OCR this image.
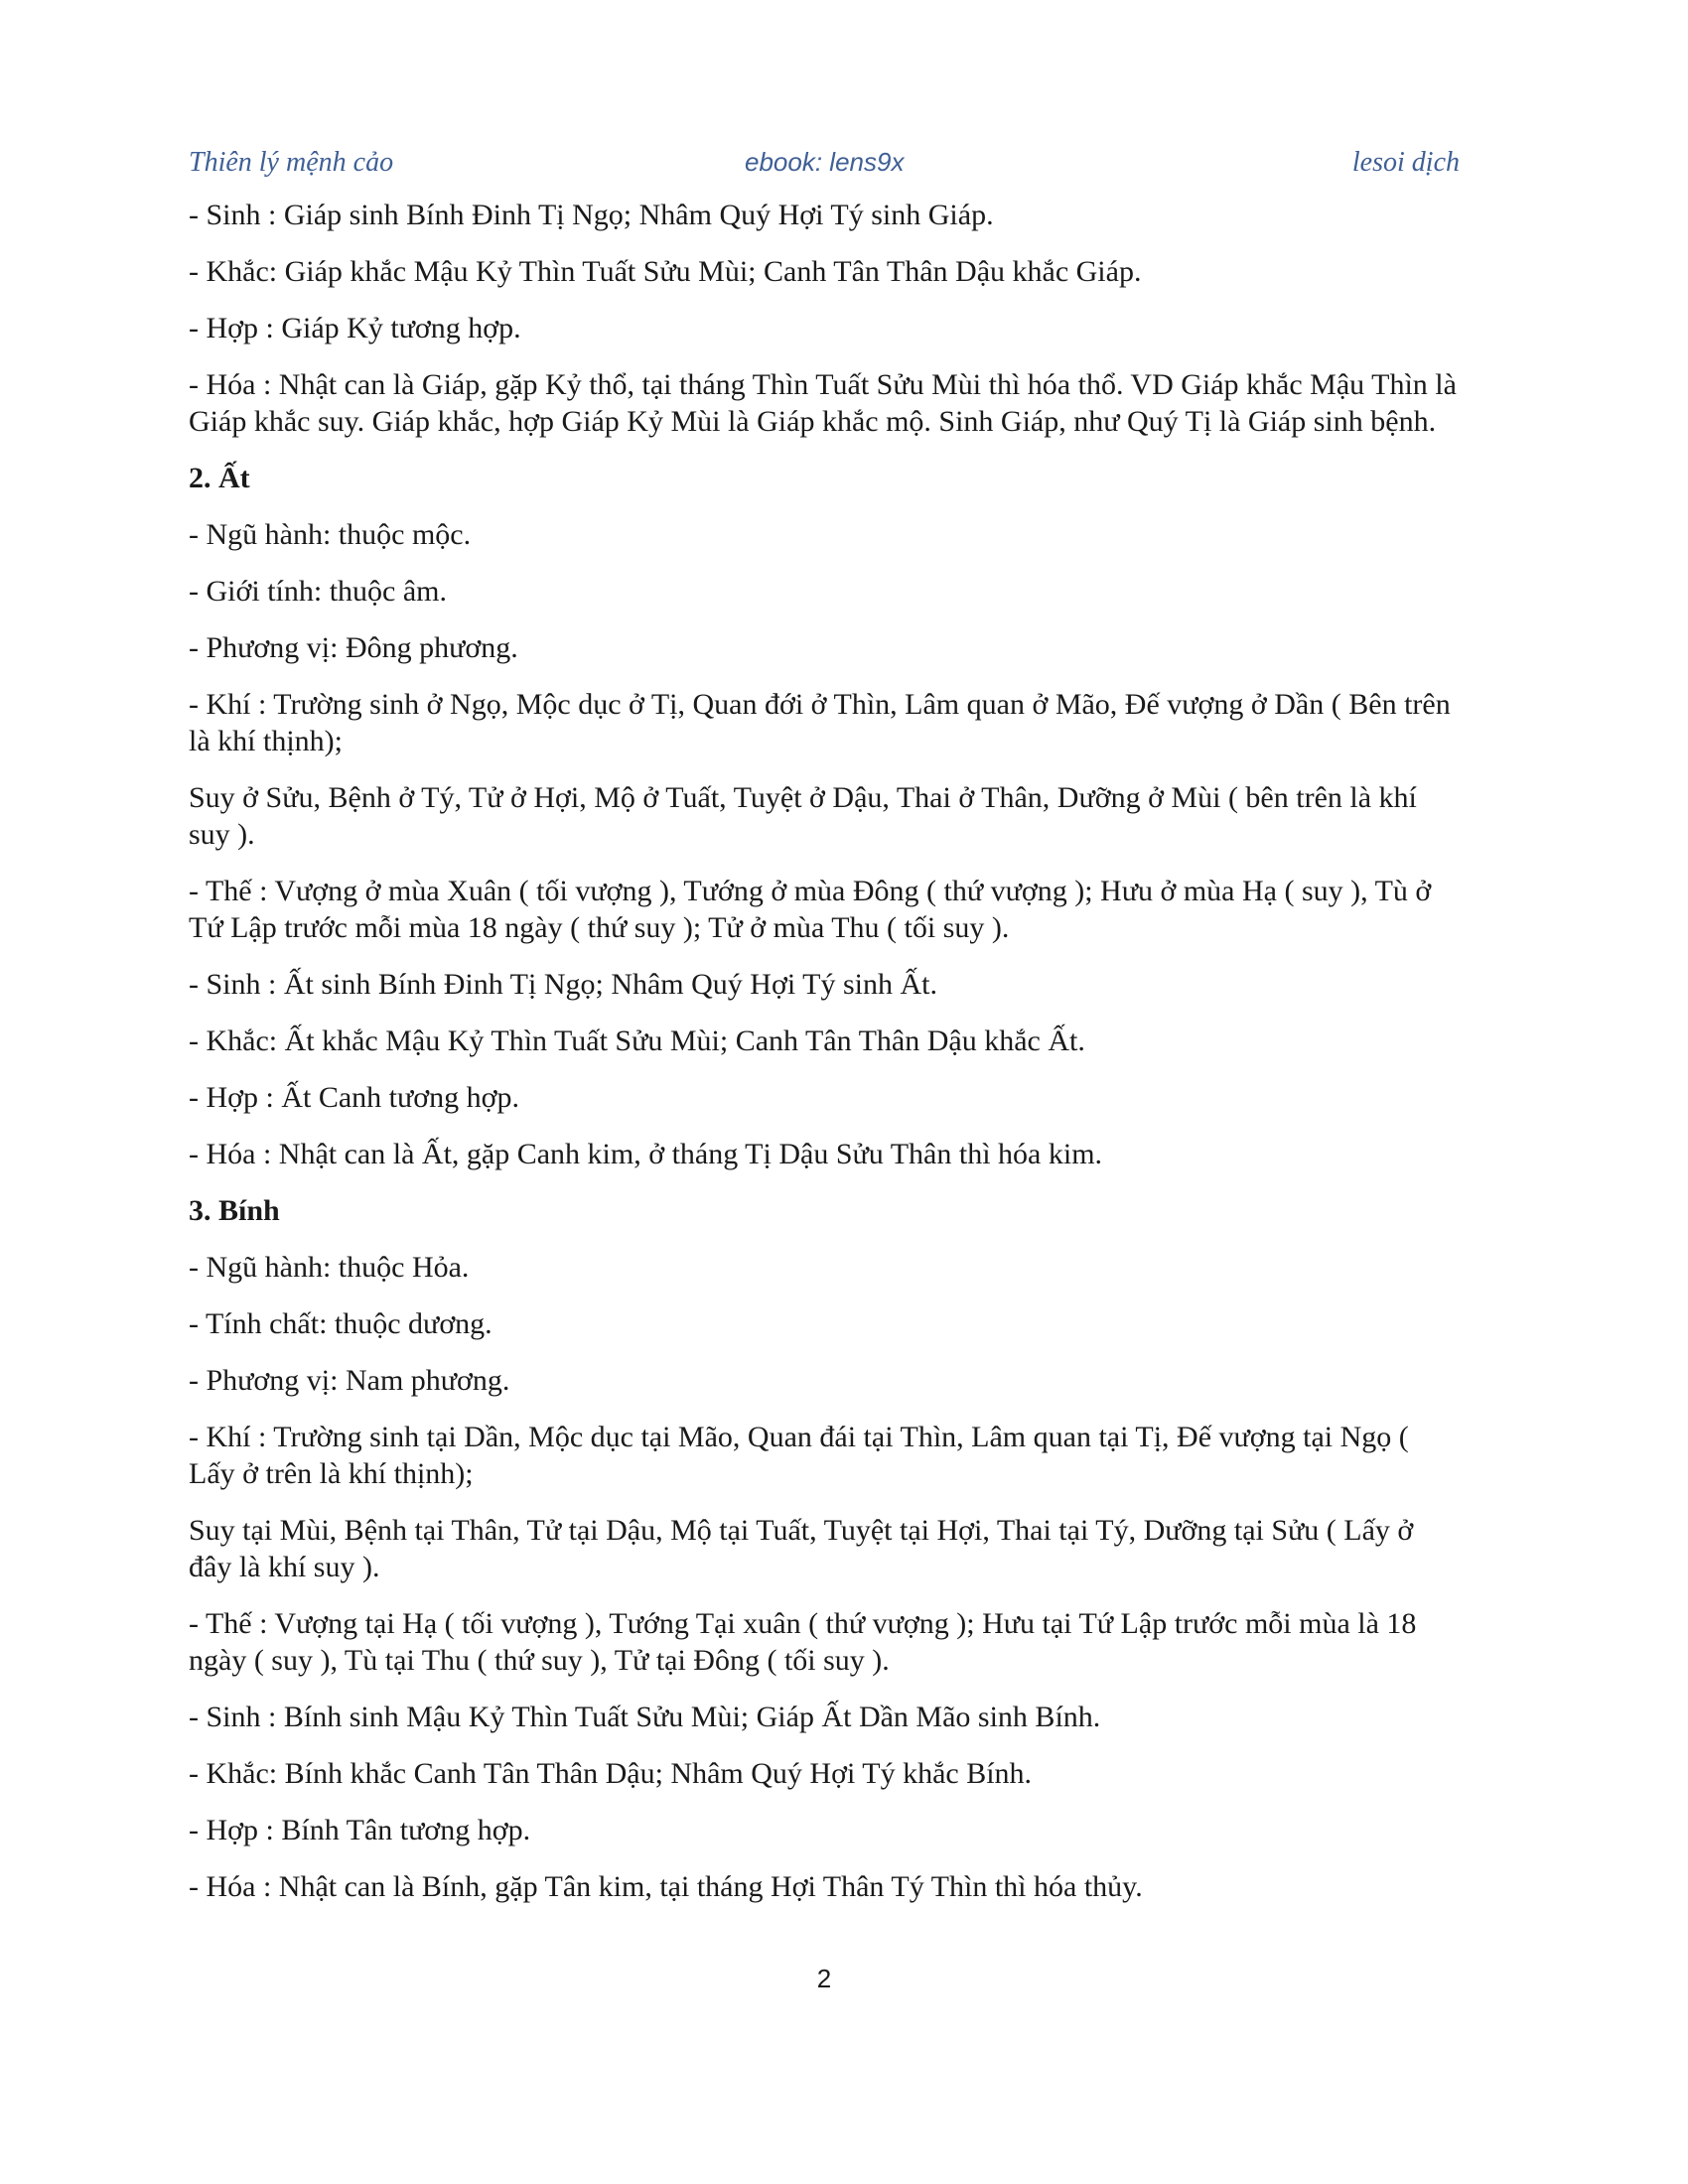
Thiên lý mệnh cảo	ebook: lens9x	lesoi dịch

- Sinh : Giáp sinh Bính Đinh Tị Ngọ; Nhâm Quý Hợi Tý sinh Giáp.

- Khắc: Giáp khắc Mậu Kỷ Thìn Tuất Sửu Mùi; Canh Tân Thân Dậu khắc Giáp.

- Hợp : Giáp Kỷ tương hợp.

- Hóa : Nhật can là Giáp, gặp Kỷ thổ, tại tháng Thìn Tuất Sửu Mùi thì hóa thổ. VD Giáp khắc Mậu Thìn là Giáp khắc suy. Giáp khắc, hợp Giáp Kỷ Mùi là Giáp khắc mộ. Sinh Giáp, như Quý Tị là Giáp sinh bệnh.

2. Ất

- Ngũ hành: thuộc mộc.

- Giới tính: thuộc âm.

- Phương vị: Đông phương.

- Khí : Trường sinh ở Ngọ, Mộc dục ở Tị, Quan đới ở Thìn, Lâm quan ở Mão, Đế vượng ở Dần ( Bên trên là khí thịnh);

Suy ở Sửu, Bệnh ở Tý, Tử ở Hợi, Mộ ở Tuất, Tuyệt ở Dậu, Thai ở Thân, Dưỡng ở Mùi ( bên trên là khí suy ).

- Thế : Vượng ở mùa Xuân ( tối vượng ), Tướng ở mùa Đông ( thứ vượng ); Hưu ở mùa Hạ ( suy ), Tù ở Tứ Lập trước mỗi mùa 18 ngày ( thứ suy ); Tử ở mùa Thu ( tối suy ).

- Sinh : Ất sinh Bính Đinh Tị Ngọ; Nhâm Quý Hợi Tý sinh Ất.

- Khắc: Ất khắc Mậu Kỷ Thìn Tuất Sửu Mùi; Canh Tân Thân Dậu khắc Ất.

- Hợp : Ất Canh tương hợp.

- Hóa : Nhật can là Ất, gặp Canh kim, ở tháng Tị Dậu Sửu Thân thì hóa kim.

3. Bính

- Ngũ hành: thuộc Hỏa.

- Tính chất: thuộc dương.

- Phương vị: Nam phương.

- Khí : Trường sinh tại Dần, Mộc dục tại Mão, Quan đái tại Thìn, Lâm quan tại Tị, Đế vượng tại Ngọ ( Lấy ở trên là khí thịnh);

Suy tại Mùi, Bệnh tại Thân, Tử tại Dậu, Mộ tại Tuất, Tuyệt tại Hợi, Thai tại Tý, Dưỡng tại Sửu ( Lấy ở đây là khí suy ).

- Thế : Vượng tại Hạ ( tối vượng ), Tướng Tại xuân ( thứ vượng ); Hưu tại Tứ Lập trước mỗi mùa là 18 ngày ( suy ), Tù tại Thu ( thứ suy ), Tử tại Đông ( tối suy ).

- Sinh : Bính sinh Mậu Kỷ Thìn Tuất Sửu Mùi; Giáp Ất Dần Mão sinh Bính.

- Khắc: Bính khắc Canh Tân Thân Dậu; Nhâm Quý Hợi Tý khắc Bính.

- Hợp : Bính Tân tương hợp.

- Hóa : Nhật can là Bính, gặp Tân kim, tại tháng Hợi Thân Tý Thìn thì hóa thủy.

2
